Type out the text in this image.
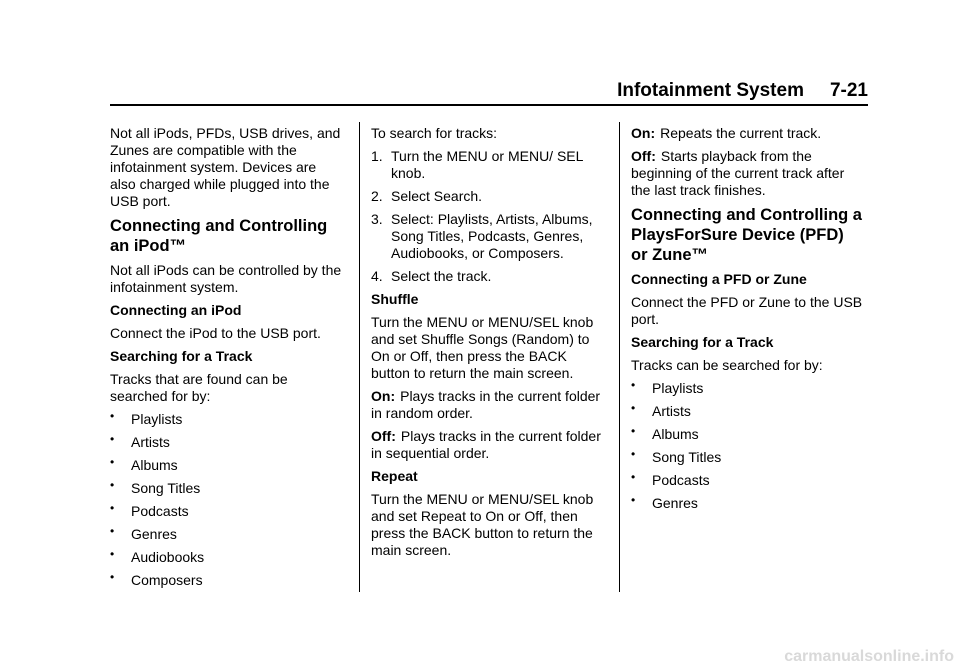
Infotainment System 7-21

Not all iPods, PFDs, USB drives, and Zunes are compatible with the infotainment system. Devices are also charged while plugged into the USB port.

Connecting and Controlling an iPod™

Not all iPods can be controlled by the infotainment system.

Connecting an iPod

Connect the iPod to the USB port.

Searching for a Track

Tracks that are found can be searched for by:

• Playlists
• Artists
• Albums
• Song Titles
• Podcasts
• Genres
• Audiobooks
• Composers

To search for tracks:

1. Turn the MENU or MENU/ SEL knob.
2. Select Search.
3. Select: Playlists, Artists, Albums, Song Titles, Podcasts, Genres, Audiobooks, or Composers.
4. Select the track.

Shuffle

Turn the MENU or MENU/SEL knob and set Shuffle Songs (Random) to On or Off, then press the BACK button to return the main screen.

On: Plays tracks in the current folder in random order.

Off: Plays tracks in the current folder in sequential order.

Repeat

Turn the MENU or MENU/SEL knob and set Repeat to On or Off, then press the BACK button to return the main screen.

On: Repeats the current track.

Off: Starts playback from the beginning of the current track after the last track finishes.

Connecting and Controlling a PlaysForSure Device (PFD) or Zune™

Connecting a PFD or Zune

Connect the PFD or Zune to the USB port.

Searching for a Track

Tracks can be searched for by:

• Playlists
• Artists
• Albums
• Song Titles
• Podcasts
• Genres
carmanualsonline.info
